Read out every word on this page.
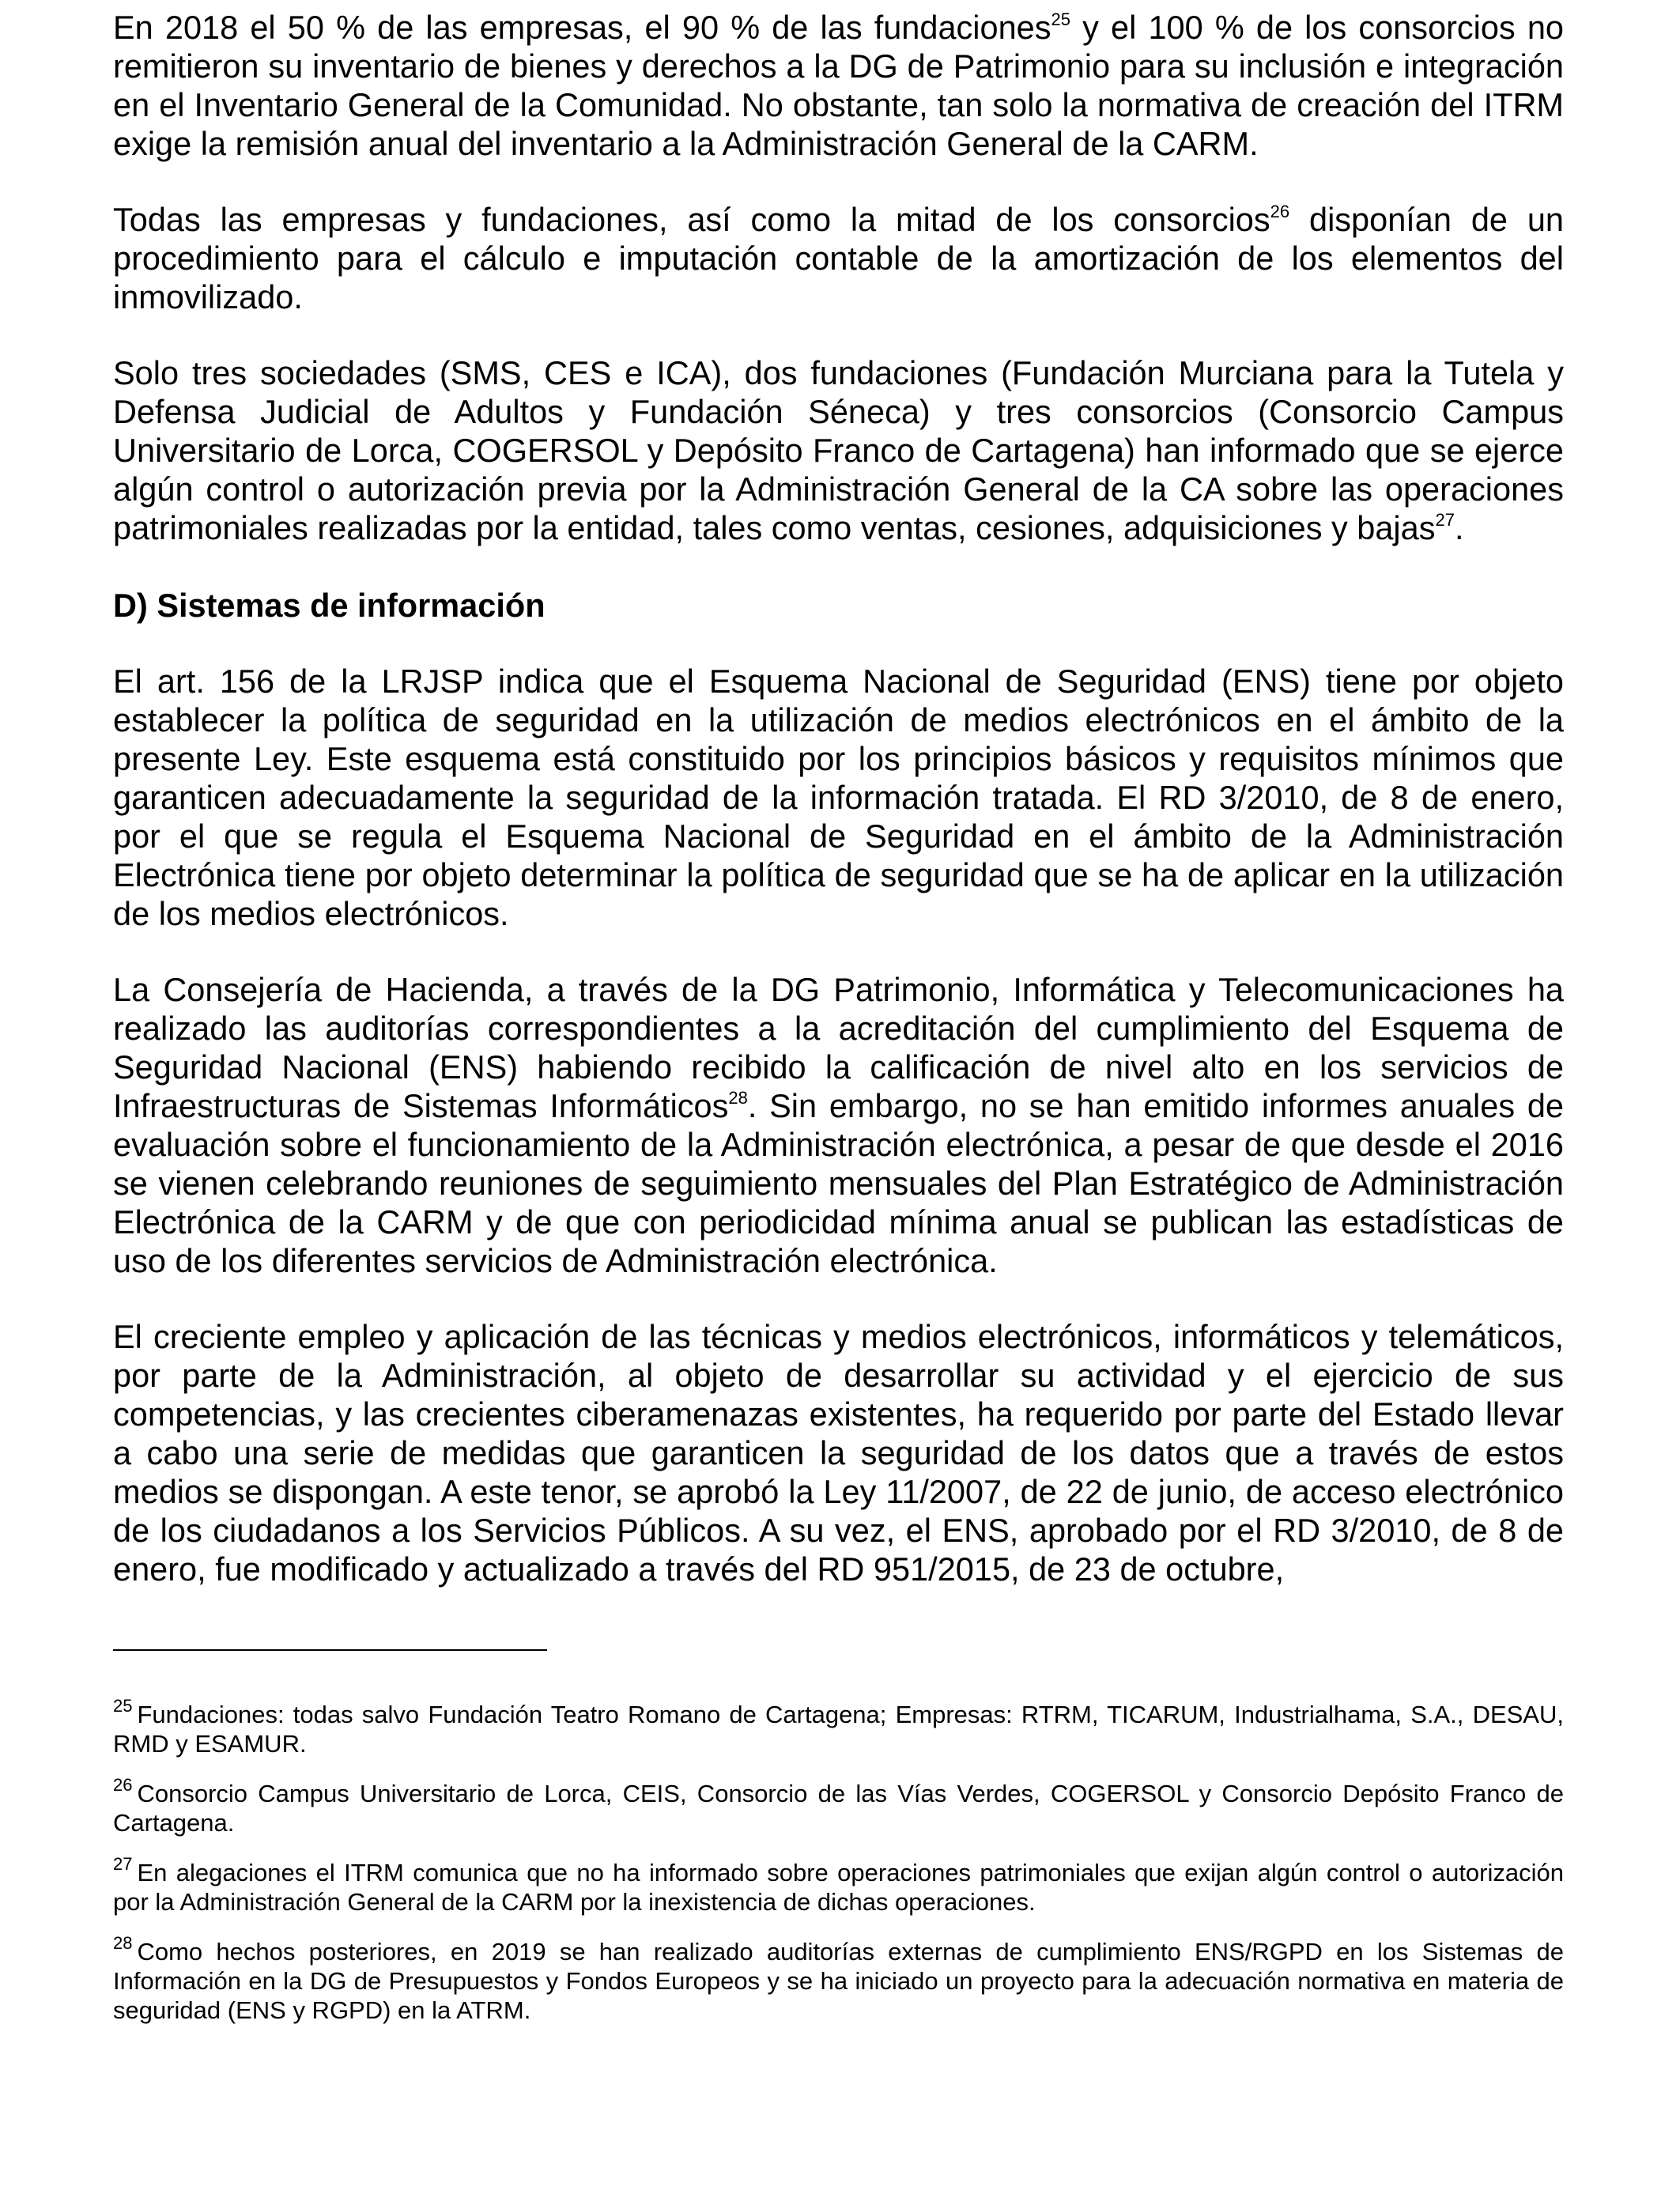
En 2018 el 50 % de las empresas, el 90 % de las fundaciones$^{25}$ y el 100 % de los consorcios no remitieron su inventario de bienes y derechos a la DG de Patrimonio para su inclusión e integración en el Inventario General de la Comunidad. No obstante, tan solo la normativa de creación del ITRM exige la remisión anual del inventario a la Administración General de la CARM.

Todas las empresas y fundaciones, así como la mitad de los consorcios$^{26}$ disponían de un procedimiento para el cálculo e imputación contable de la amortización de los elementos del inmovilizado.

Solo tres sociedades (SMS, CES e ICA), dos fundaciones (Fundación Murciana para la Tutela y Defensa Judicial de Adultos y Fundación Séneca) y tres consorcios (Consorcio Campus Universitario de Lorca, COGERSOL y Depósito Franco de Cartagena) han informado que se ejerce algún control o autorización previa por la Administración General de la CA sobre las operaciones patrimoniales realizadas por la entidad, tales como ventas, cesiones, adquisiciones y bajas$^{27}$.

D) Sistemas de información

El art. 156 de la LRJSP indica que el Esquema Nacional de Seguridad (ENS) tiene por objeto establecer la política de seguridad en la utilización de medios electrónicos en el ámbito de la presente Ley. Este esquema está constituido por los principios básicos y requisitos mínimos que garanticen adecuadamente la seguridad de la información tratada. El RD 3/2010, de 8 de enero, por el que se regula el Esquema Nacional de Seguridad en el ámbito de la Administración Electrónica tiene por objeto determinar la política de seguridad que se ha de aplicar en la utilización de los medios electrónicos.

La Consejería de Hacienda, a través de la DG Patrimonio, Informática y Telecomunicaciones ha realizado las auditorías correspondientes a la acreditación del cumplimiento del Esquema de Seguridad Nacional (ENS) habiendo recibido la calificación de nivel alto en los servicios de Infraestructuras de Sistemas Informáticos$^{28}$. Sin embargo, no se han emitido informes anuales de evaluación sobre el funcionamiento de la Administración electrónica, a pesar de que desde el 2016 se vienen celebrando reuniones de seguimiento mensuales del Plan Estratégico de Administración Electrónica de la CARM y de que con periodicidad mínima anual se publican las estadísticas de uso de los diferentes servicios de Administración electrónica.

El creciente empleo y aplicación de las técnicas y medios electrónicos, informáticos y telemáticos, por parte de la Administración, al objeto de desarrollar su actividad y el ejercicio de sus competencias, y las crecientes ciberamenazas existentes, ha requerido por parte del Estado llevar a cabo una serie de medidas que garanticen la seguridad de los datos que a través de estos medios se dispongan. A este tenor, se aprobó la Ley 11/2007, de 22 de junio, de acceso electrónico de los ciudadanos a los Servicios Públicos. A su vez, el ENS, aprobado por el RD 3/2010, de 8 de enero, fue modificado y actualizado a través del RD 951/2015, de 23 de octubre,

$^{25}$ Fundaciones: todas salvo Fundación Teatro Romano de Cartagena; Empresas: RTRM, TICARUM, Industrialhama, S.A., DESAU, RMD y ESAMUR.

$^{26}$ Consorcio Campus Universitario de Lorca, CEIS, Consorcio de las Vías Verdes, COGERSOL y Consorcio Depósito Franco de Cartagena.

$^{27}$ En alegaciones el ITRM comunica que no ha informado sobre operaciones patrimoniales que exijan algún control o autorización por la Administración General de la CARM por la inexistencia de dichas operaciones.

$^{28}$ Como hechos posteriores, en 2019 se han realizado auditorías externas de cumplimiento ENS/RGPD en los Sistemas de Información en la DG de Presupuestos y Fondos Europeos y se ha iniciado un proyecto para la adecuación normativa en materia de seguridad (ENS y RGPD) en la ATRM.
